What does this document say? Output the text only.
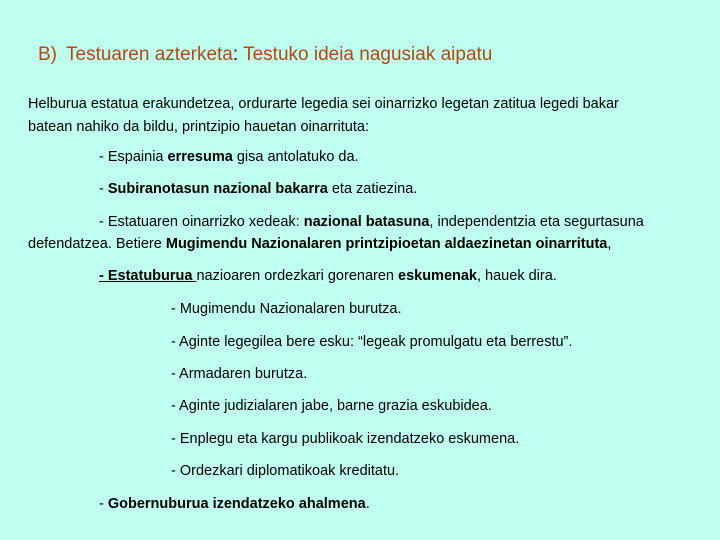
B) Testuaren azterketa: Testuko ideia nagusiak aipatu
Helburua estatua erakundetzea, ordurarte legedia sei oinarrizko legetan zatitua legedi bakar
batean nahiko da bildu, printzipio hauetan oinarrituta:
- Espainia erresuma gisa antolatuko da.
- Subiranotasun nazional bakarra eta zatiezina.
- Estatuaren oinarrizko xedeak: nazional batasuna, independentzia eta segurtasuna
defendatzea. Betiere Mugimendu Nazionalaren printzipioetan aldaezinetan oinarrituta,
- Estatuburua nazioaren ordezkari gorenaren eskumenak, hauek dira.
- Mugimendu Nazionalaren burutza.
- Aginte legegilea bere esku: “legeak promulgatu eta berrestu”.
- Armadaren burutza.
- Aginte judizialaren jabe, barne grazia eskubidea.
- Enplegu eta kargu publikoak izendatzeko eskumena.
- Ordezkari diplomatikoak kreditatu.
- Gobernuburua izendatzeko ahalmena.
